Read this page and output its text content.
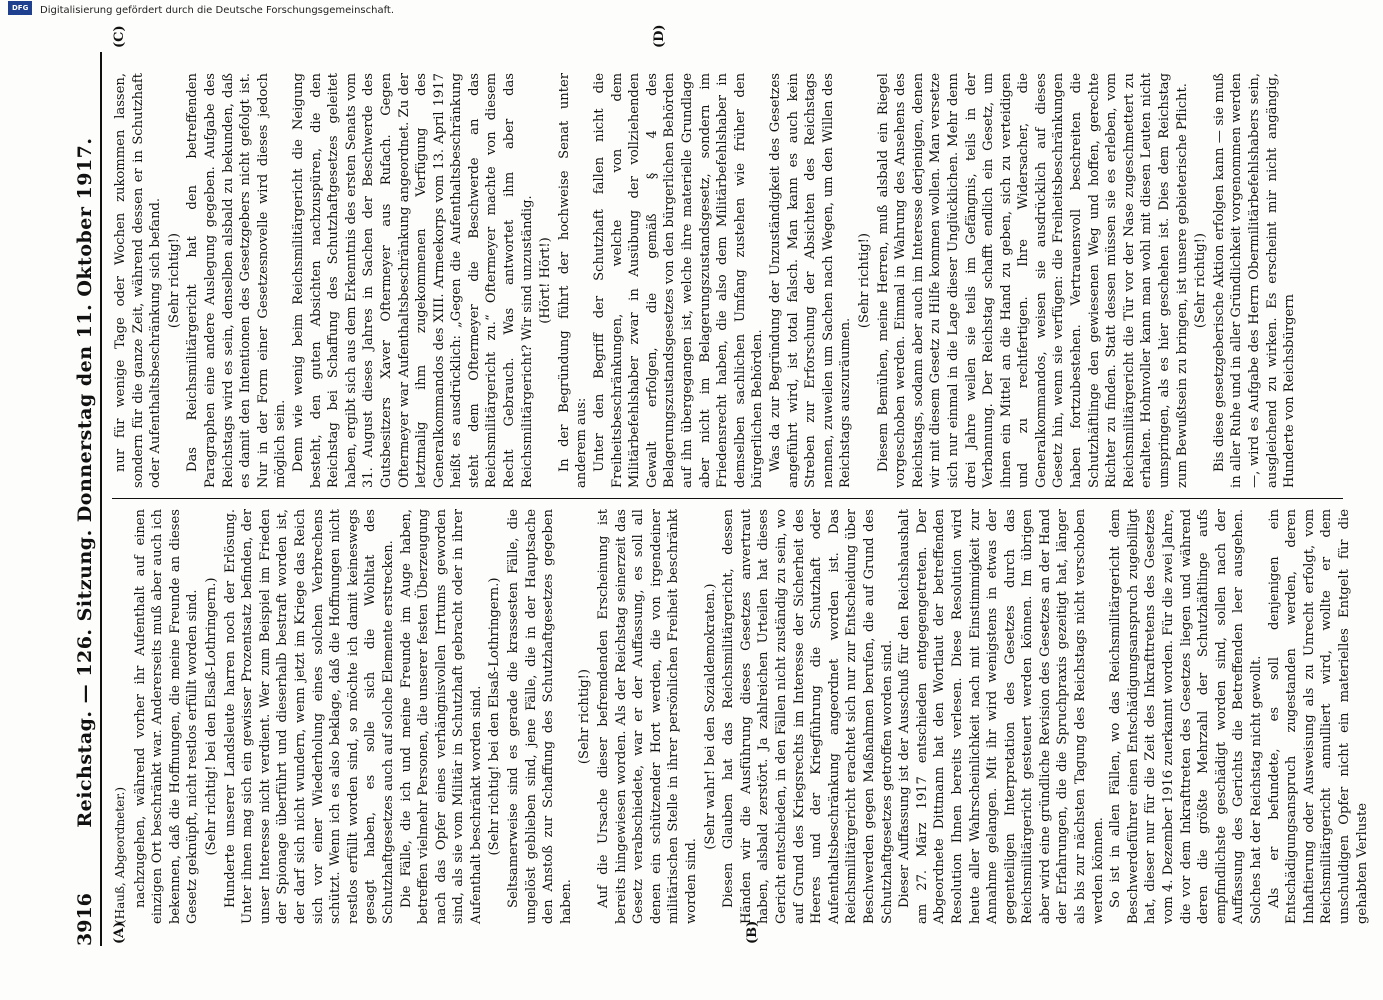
3916
Reichstag. — 126. Sitzung. Donnerstag den 11. Oktober 1917.
(A)	(B)
(C)	(D)
(Hauß, Abgeordneter.) nachzugehen, während vorher ihr Aufenthalt auf einen einzigen Ort beschränkt war. Andererseits muß aber auch ich bekennen, daß die Hoffnungen, die meine Freunde an dieses Gesetz geknüpft, nicht restlos erfüllt worden sind. (Sehr richtig! bei den Elsaß-Lothringern.) Hunderte unserer Landsleute harren noch der Erlösung. Unter ihnen mag sich ein gewisser Prozentsatz befinden, der unser Interesse nicht verdient. Wer zum Beispiel im Frieden der Spionage überführt und dieserhalb bestraft worden ist, der darf sich nicht wundern, wenn jetzt im Kriege das Reich sich vor einer Wiederholung eines solchen Verbrechens schützt. Wenn ich es also beklage, daß die Hoffnungen nicht restlos erfüllt worden sind, so möchte ich damit keineswegs gesagt haben, es solle sich die Wohltat des Schutzhaftgesetzes auch auf solche Elemente erstrecken. Die Fälle, die ich und meine Freunde im Auge haben, betreffen vielmehr Personen, die unserer festen Überzeugung nach das Opfer eines verhängnisvollen Irrtums geworden sind, als sie vom Militär in Schutzhaft gebracht oder in ihrer Aufenthalt beschränkt worden sind. (Sehr richtig! bei den Elsaß-Lothringern.) Seltsamerweise sind es gerade die krassesten Fälle, die ungelöst geblieben sind, jene Fälle, die in der Hauptsache den Anstoß zur Schaffung des Schutzhaftgesetzes gegeben haben.

(Sehr richtig!) Auf die Ursache dieser befremdenden Erscheinung ist bereits hingewiesen worden. Als der Reichstag seinerzeit das Gesetz verabschiedete, war er der Auffassung, es soll all denen ein schützender Hort werden, die von irgendeiner militärischen Stelle in ihrer persönlichen Freiheit beschränkt worden sind.

(Sehr wahr! bei den Sozialdemokraten.) Diesen Glauben hat das Reichsmilitärgericht, dessen Händen wir die Ausführung dieses Gesetzes anvertraut haben, alsbald zerstört. Ja zahlreichen Urteilen hat dieses Gericht entschieden, in den Fällen nicht zuständig zu sein, wo auf Grund des Kriegsrechts im Interesse der Sicherheit des Heeres und der Kriegführung die Schutzhaft oder Aufenthaltsbeschränkung angeordnet worden ist. Das Reichsmilitärgericht erachtet sich nur zur Entscheidung über Beschwerden gegen Maßnahmen berufen, die auf Grund des Schutzhaftgesetzes getroffen worden sind. Dieser Auffassung ist der Ausschuß für den Reichshaushalt am 27. März 1917 entschieden entgegengetreten. Der Abgeordnete Dittmann hat den Wortlaut der betreffenden Resolution Ihnen bereits verlesen. Diese Resolution wird heute aller Wahrscheinlichkeit nach mit Einstimmigkeit zur Annahme gelangen. Mit ihr wird wenigstens in etwas der gegenteiligen Interpretation des Gesetzes durch das Reichsmilitärgericht gesteuert werden können. Im übrigen aber wird eine gründliche Revision des Gesetzes an der Hand der Erfahrungen, die die Spruchpraxis gezeitigt hat, länger als bis zur nächsten Tagung des Reichstags nicht verschoben werden können. So ist in allen Fällen, wo das Reichsmilitärgericht dem Beschwerdeführer einen Entschädigungsanspruch zugebilligt hat, dieser nur für die Zeit des Inkrafttretens des Gesetzes vom 4. Dezember 1916 zuerkannt worden. Für die zwei Jahre, die vor dem Inkrafttreten des Gesetzes liegen und während deren die größte Mehrzahl der Schutzhäftlinge aufs empfindlichste geschädigt worden sind, sollen nach der Auffassung des Gerichts die Betreffenden leer ausgehen. Solches hat der Reichstag nicht gewollt. Als er befundete, es soll denjenigen ein Entschädigungsanspruch zugestanden werden, deren Inhaftierung oder Ausweisung als zu Unrecht erfolgt, vom Reichsmilitärgericht annulliert wird, wollte er dem unschuldigen Opfer nicht ein materielles Entgelt für die gehabten Verluste

nur für wenige Tage oder Wochen zukommen lassen, sondern für die ganze Zeit, während dessen er in Schutzhaft oder Aufenthaltsbeschränkung sich befand. (Sehr richtig!) Das Reichsmilitärgericht hat den betreffenden Paragraphen eine andere Auslegung gegeben. Aufgabe des Reichstags wird es sein, denselben alsbald zu bekunden, daß es damit den Intentionen des Gesetzgebers nicht gefolgt ist. Nur in der Form einer Gesetzesnovelle wird dieses jedoch möglich sein. Denn wie wenig beim Reichsmilitärgericht die Neigung besteht, den guten Absichten nachzuspüren, die den Reichstag bei Schaffung des Schutzhaftgesetzes geleitet haben, ergibt sich aus dem Erkenntnis des ersten Senats vom 31. August dieses Jahres in Sachen der Beschwerde des Gutsbesitzers Xaver Oftermeyer aus Rufach. Gegen Oftermeyer war Aufenthaltsbeschränkung angeordnet. Zu der letztmalig ihm zugekommenen Verfügung des Generalkommandos des XIII. Armeekorps vom 13. April 1917 heißt es ausdrücklich: „Gegen die Aufenthaltsbeschränkung steht dem Oftermeyer die Beschwerde an das Reichsmilitärgericht zu.“ Oftermeyer machte von diesem Recht Gebrauch. Was antwortet ihm aber das Reichsmilitärgericht? Wir sind unzuständig. (Hört! Hört!) In der Begründung führt der hochweise Senat unter anderem aus: Unter den Begriff der Schutzhaft fallen nicht die Freiheitsbeschränkungen, welche von dem Militärbefehlshaber zwar in Ausübung der vollziehenden Gewalt erfolgen, die gemäß § 4 des Belagerungszustandsgesetzes von den bürgerlichen Behörden auf ihn übergegangen ist, welche ihre materielle Grundlage aber nicht im Belagerungszustandsgesetz, sondern im Friedensrecht haben, die also dem Militärbefehlshaber in demselben sachlichen Umfang zustehen wie früher den bürgerlichen Behörden. Was da zur Begründung der Unzuständigkeit des Gesetzes angeführt wird, ist total falsch. Man kann es auch kein Streben zur Erforschung der Absichten des Reichstags nennen, zuweilen um Sachen nach Wegen, um den Willen des Reichstags auszuräumen.

(Sehr richtig!) Diesem Bemühen, meine Herren, muß alsbald ein Riegel vorgeschoben werden. Einmal in Wahrung des Ansehens des Reichstags, sodann aber auch im Interesse derjenigen, denen wir mit diesem Gesetz zu Hilfe kommen wollen. Man versetze sich nur einmal in die Lage dieser Unglücklichen. Mehr denn drei Jahre weilen sie teils im Gefängnis, teils in der Verbannung. Der Reichstag schafft endlich ein Gesetz, um ihnen ein Mittel an die Hand zu geben, sich zu verteidigen und zu rechtfertigen. Ihre Widersacher, die Generalkommandos, weisen sie ausdrücklich auf dieses Gesetz hin, wenn sie verfügen: die Freiheitsbeschränkungen haben fortzubestehen. Vertrauensvoll beschreiten die Schutzhäftlinge den gewiesenen Weg und hoffen, gerechte Richter zu finden. Statt dessen müssen sie es erleben, vom Reichsmilitärgericht die Tür vor der Nase zugeschmettert zu erhalten. Hohnvoller kann man wohl mit diesen Leuten nicht umspringen, als es hier geschehen ist. Dies dem Reichstag zum Bewußtsein zu bringen, ist unsere gebieterische Pflicht. (Sehr richtig!) Bis diese gesetzgeberische Aktion erfolgen kann — sie muß in aller Ruhe und in aller Gründlichkeit vorgenommen werden —, wird es Aufgabe des Herrn Obermilitärbefehlshabers sein, ausgleichend zu wirken. Es erscheint mir nicht angängig, Hunderte von Reichsbürgern

DFG	Digitalisierung gefördert durch die Deutsche Forschungsgemeinschaft.
